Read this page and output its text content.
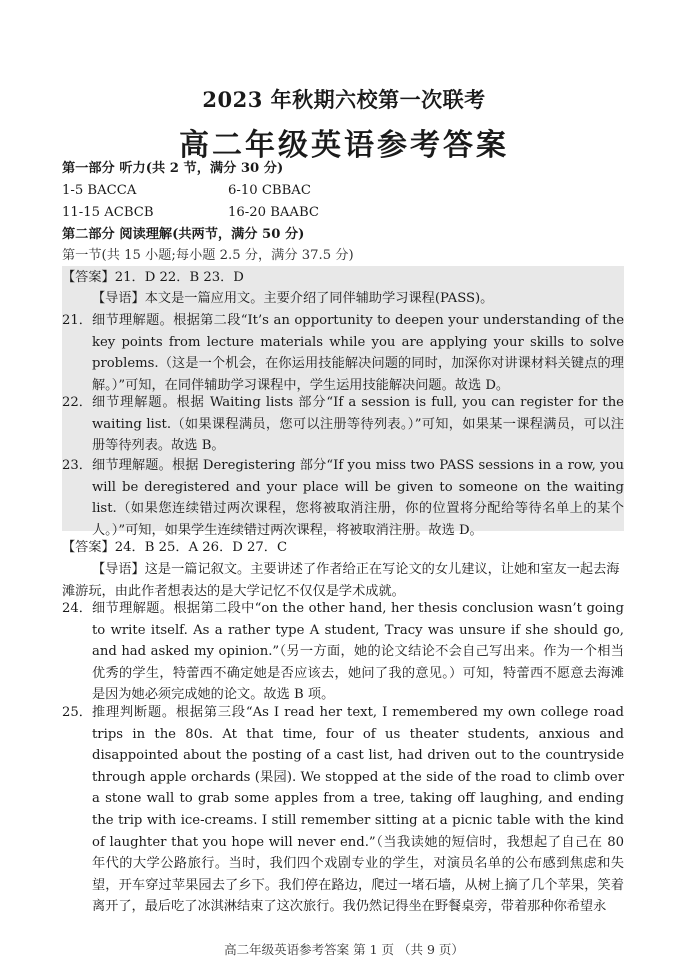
2023 年秋期六校第一次联考
高二年级英语参考答案
第一部分 听力(共 2 节，满分 30 分)
1-5 BACCA	6-10 CBBAC
11-15 ACBCB	16-20 BAABC
第二部分 阅读理解(共两节，满分 50 分)
第一节(共 15 小题;每小题 2.5 分，满分 37.5 分)
【答案】21．D 22．B 23．D
【导语】本文是一篇应用文。主要介绍了同伴辅助学习课程(PASS)。
21． 细节理解题。根据第二段“It’s an opportunity to deepen your understanding of the key points from lecture materials while you are applying your skills to solve problems.（这是一个机会，在你运用技能解决问题的同时，加深你对讲课材料关键点的理解。）”可知，在同伴辅助学习课程中，学生运用技能解决问题。故选 D。
22． 细节理解题。根据 Waiting lists 部分“If a session is full, you can register for the waiting list.（如果课程满员，您可以注册等待列表。）”可知，如果某一课程满员，可以注册等待列表。故选 B。
23． 细节理解题。根据 Deregistering 部分“If you miss two PASS sessions in a row, you will be deregistered and your place will be given to someone on the waiting list.（如果您连续错过两次课程，您将被取消注册，你的位置将分配给等待名单上的某个人。）”可知，如果学生连续错过两次课程，将被取消注册。故选 D。
【答案】24．B 25．A 26．D 27．C
【导语】这是一篇记叙文。主要讲述了作者给正在写论文的女儿建议，让她和室友一起去海滩游玩，由此作者想表达的是大学记忆不仅仅是学术成就。
24． 细节理解题。根据第二段中“on the other hand, her thesis conclusion wasn’t going to write itself. As a rather type A student, Tracy was unsure if she should go, and had asked my opinion.”（另一方面，她的论文结论不会自己写出来。作为一个相当优秀的学生，特蕾西不确定她是否应该去，她问了我的意见。）可知，特蕾西不愿意去海滩是因为她必须完成她的论文。故选 B 项。
25． 推理判断题。根据第三段“As I read her text, I remembered my own college road trips in the 80s. At that time, four of us theater students, anxious and disappointed about the posting of a cast list, had driven out to the countryside through apple orchards (果园). We stopped at the side of the road to climb over a stone wall to grab some apples from a tree, taking off laughing, and ending the trip with ice-creams. I still remember sitting at a picnic table with the kind of laughter that you hope will never end.”（当我读她的短信时，我想起了自己在 80 年代的大学公路旅行。当时，我们四个戏剧专业的学生，对演员名单的公布感到焦虑和失望，开车穿过苹果园去了乡下。我们停在路边，爬过一堵石墙，从树上摘了几个苹果，笑着离开了，最后吃了冰淇淋结束了这次旅行。我仍然记得坐在野餐桌旁，带着那种你希望永
高二年级英语参考答案 第 1 页 （共 9 页）
